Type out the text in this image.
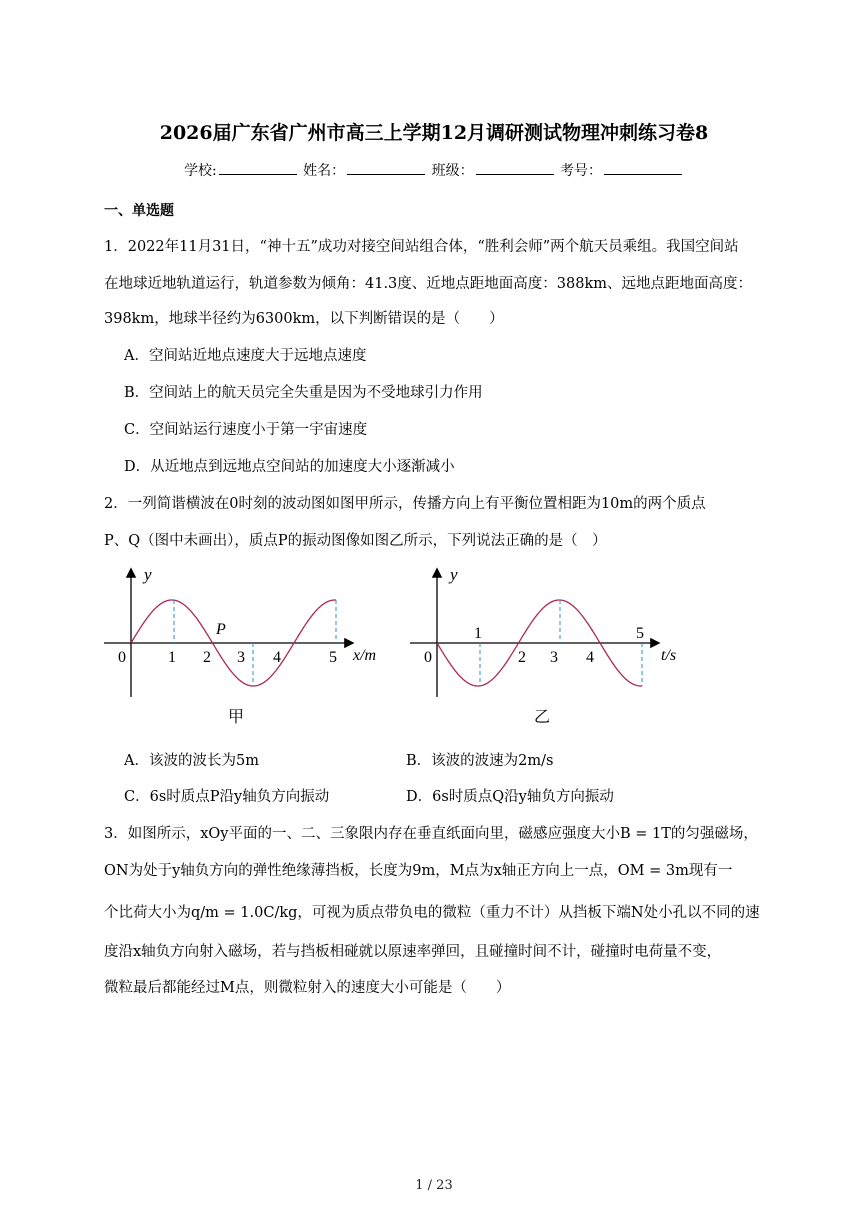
2026届广东省广州市高三上学期12月调研测试物理冲刺练习卷8
学校:	姓名：	班级：	考号：
一、单选题
1．2022年11月31日，“神十五”成功对接空间站组合体，“胜利会师”两个航天员乘组。我国空间站
在地球近地轨道运行，轨道参数为倾角：41.3度、近地点距地面高度：388km、远地点距地面高度：
398km，地球半径约为6300km，以下判断错误的是（　　）
A．空间站近地点速度大于远地点速度
B．空间站上的航天员完全失重是因为不受地球引力作用
C．空间站运行速度小于第一宇宙速度
D．从近地点到远地点空间站的加速度大小逐渐减小
2．一列简谐横波在0时刻的波动图如图甲所示，传播方向上有平衡位置相距为10m的两个质点
P、Q（图中未画出），质点P的振动图像如图乙所示，下列说法正确的是（　）
y
x/m
0	1 2 3 4	5
P
甲
y
t/s
0
1
2 3 4
5
乙
A．该波的波长为5m	B．该波的波速为2m/s
C．6s时质点P沿y轴负方向振动	D．6s时质点Q沿y轴负方向振动
3．如图所示，xOy平面的一、二、三象限内存在垂直纸面向里，磁感应强度大小B = 1T的匀强磁场，
ON为处于y轴负方向的弹性绝缘薄挡板，长度为9m，M点为x轴正方向上一点，OM = 3m现有一
个比荷大小为q/m = 1.0C/kg，可视为质点带负电的微粒（重力不计）从挡板下端N处小孔以不同的速
度沿x轴负方向射入磁场，若与挡板相碰就以原速率弹回，且碰撞时间不计，碰撞时电荷量不变，
微粒最后都能经过M点，则微粒射入的速度大小可能是（　　）
1 / 23
